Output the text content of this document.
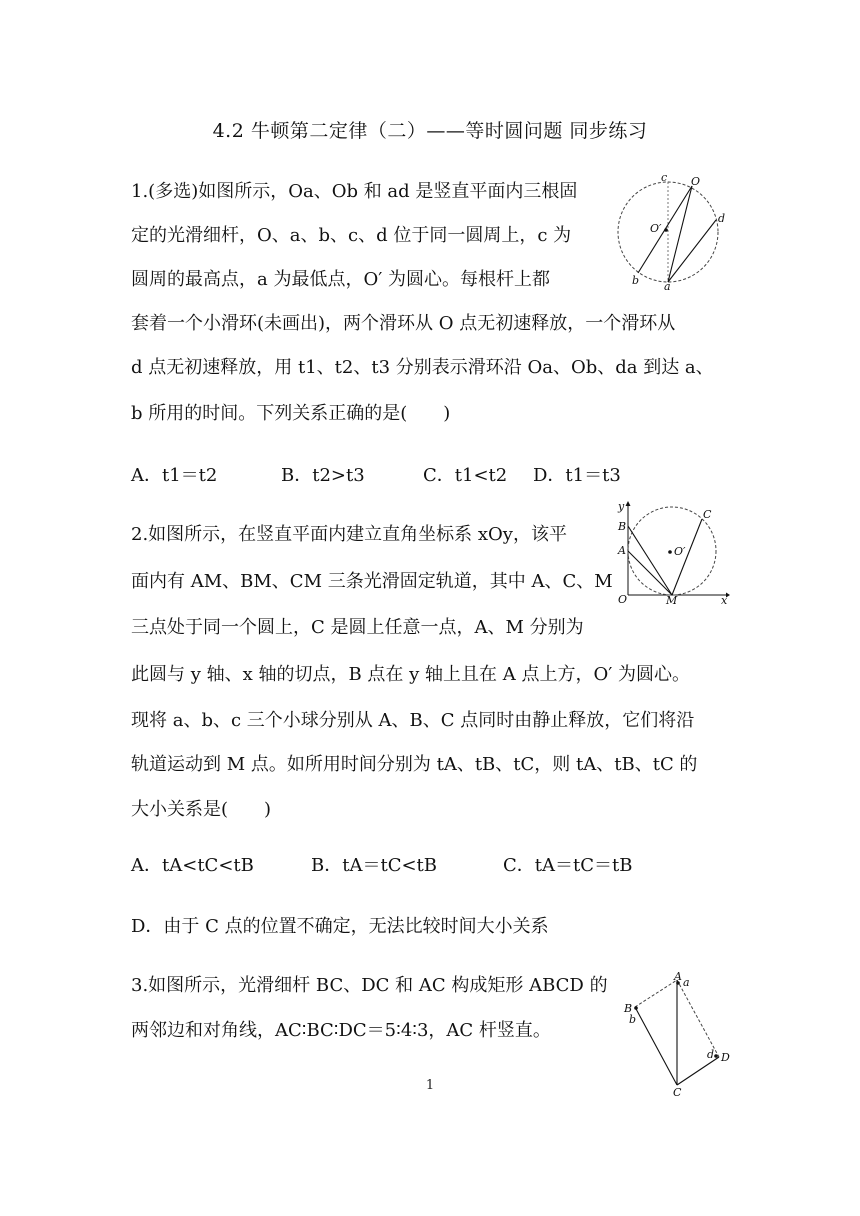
4.2 牛顿第二定律（二）——等时圆问题 同步练习
1.(多选)如图所示，Oa、Ob 和 ad 是竖直平面内三根固
定的光滑细杆，O、a、b、c、d 位于同一圆周上，c 为
圆周的最高点，a 为最低点，O′ 为圆心。每根杆上都
套着一个小滑环(未画出)，两个滑环从 O 点无初速释放，一个滑环从
d 点无初速释放，用 t1、t2、t3 分别表示滑环沿 Oa、Ob、da 到达 a、
b 所用的时间。下列关系正确的是(　　)
A．t1＝t2	B．t2>t3	C．t1<t2 D．t1＝t3
c O
O′
d
b a
2.如图所示，在竖直平面内建立直角坐标系 xOy，该平
面内有 AM、BM、CM 三条光滑固定轨道，其中 A、C、M
三点处于同一个圆上，C 是圆上任意一点，A、M 分别为
此圆与 y 轴、x 轴的切点，B 点在 y 轴上且在 A 点上方，O′ 为圆心。
现将 a、b、c 三个小球分别从 A、B、C 点同时由静止释放，它们将沿
轨道运动到 M 点。如所用时间分别为 tA、tB、tC，则 tA、tB、tC 的
大小关系是(　　)
A．tA<tC<tB	B．tA＝tC<tB	C．tA＝tC＝tB
D．由于 C 点的位置不确定，无法比较时间大小关系
y
B
A
C
O′
O	M	x
3.如图所示，光滑细杆 BC、DC 和 AC 构成矩形 ABCD 的
两邻边和对角线，AC∶BC∶DC＝5∶4∶3，AC 杆竖直。
A a
B
b
d D
C
1
